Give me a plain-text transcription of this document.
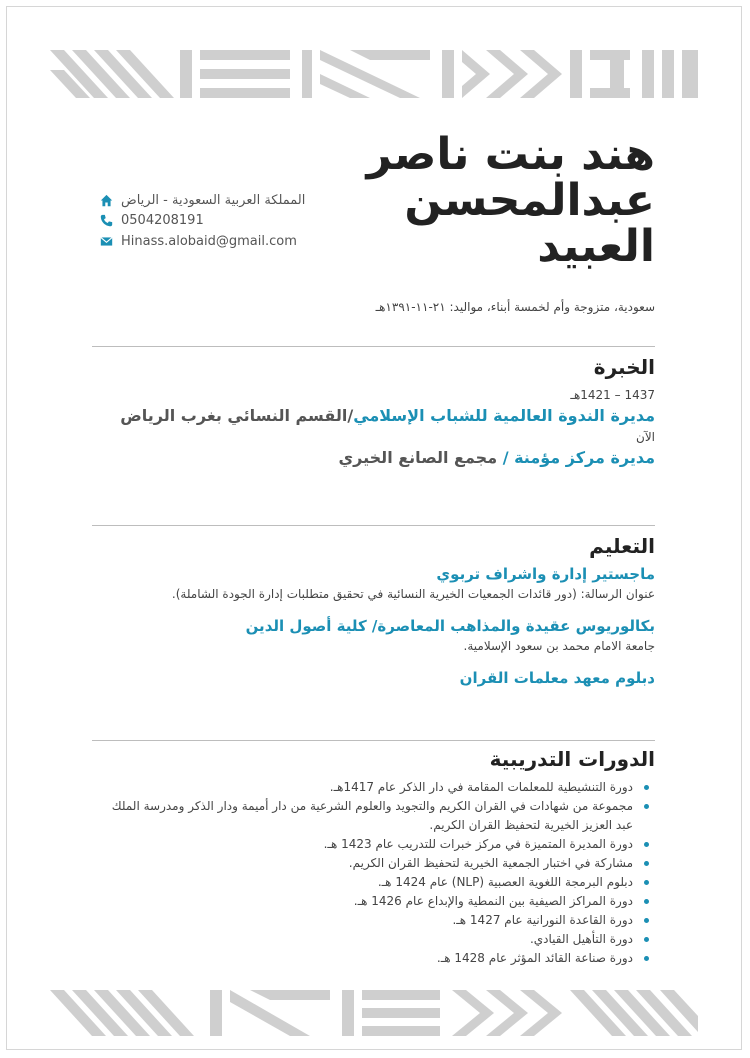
هند بنت ناصر
عبدالمحسن
العبيد
المملكة العربية السعودية - الرياض
0504208191
Hinass.alobaid@gmail.com
سعودية، متزوجة وأم لخمسة أبناء، مواليد: ٢١-١١-١٣٩١هـ
الخبرة
1437 – 1421هـ
مديرة الندوة العالمية للشباب الإسلامي/القسم النسائي بغرب الرياض
الآن
مديرة مركز مؤمنة / مجمع الصانع الخيري
التعليم
ماجستير إدارة واشراف تربوي
عنوان الرسالة: (دور قائدات الجمعيات الخيرية النسائية في تحقيق متطلبات إدارة الجودة الشاملة).
بكالوريوس عقيدة والمذاهب المعاصرة/ كلية أصول الدين
جامعة الامام محمد بن سعود الإسلامية.
دبلوم معهد معلمات القران
الدورات التدريبية
دورة التنشيطية للمعلمات المقامة في دار الذكر عام 1417هـ.
مجموعة من شهادات في القران الكريم والتجويد والعلوم الشرعية من دار أميمة ودار الذكر ومدرسة الملك عبد العزيز الخيرية لتحفيظ القران الكريم.
دورة المديرة المتميزة في مركز خبرات للتدريب عام 1423 هـ.
مشاركة في اختبار الجمعية الخيرية لتحفيظ القران الكريم.
دبلوم البرمجة اللغوية العصبية (NLP) عام 1424 هـ.
دورة المراكز الصيفية بين النمطية والإبداع عام 1426 هـ.
دورة القاعدة النورانية عام 1427 هـ.
دورة التأهيل القيادي.
دورة صناعة القائد المؤثر عام 1428 هـ.
